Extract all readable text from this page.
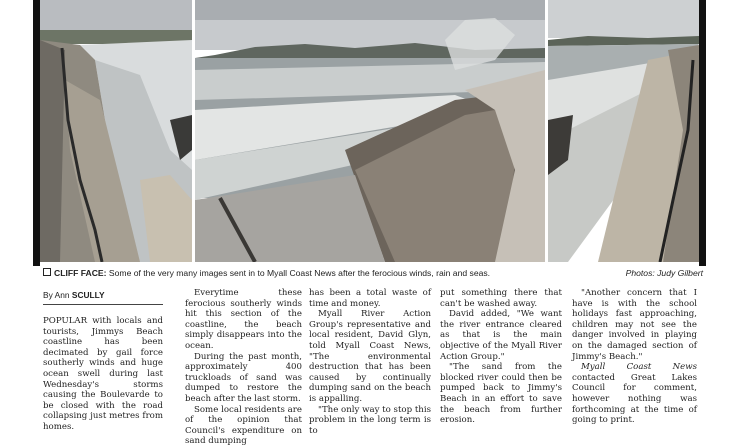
CLIFF FACE: Some of the very many images sent in to Myall Coast News after the ferocious winds, rain and seas.	Photos: Judy Gilbert
By Ann SCULLY

POPULAR with locals and tourists, Jimmys Beach coastline has been decimated by gail force southerly winds and huge ocean swell during last Wednesday's storms causing the Boulevarde to be closed with the road collapsing just metres from homes.

Everytime these ferocious southerly winds hit this section of the coastline, the beach simply disappears into the ocean.

During the past month, approximately 400 truckloads of sand was dumped to restore the beach after the last storm.

Some local residents are of the opinion that Council's expenditure on sand dumping

has been a total waste of time and money.

Myall River Action Group's representative and local resident, David Glyn, told Myall Coast News, "The environmental destruction that has been caused by continually dumping sand on the beach is appalling.

"The only way to stop this problem in the long term is to

put something there that can't be washed away.

David added, "We want the river entrance cleared as that is the main objective of the Myall River Action Group."

"The sand from the blocked river could then be pumped back to Jimmy's Beach in an effort to save the beach from further erosion.

"Another concern that I have is with the school holidays fast approaching, children may not see the danger involved in playing on the damaged section of Jimmy's Beach."

Myall Coast News contacted Great Lakes Council for comment, however nothing was forthcoming at the time of going to print.
